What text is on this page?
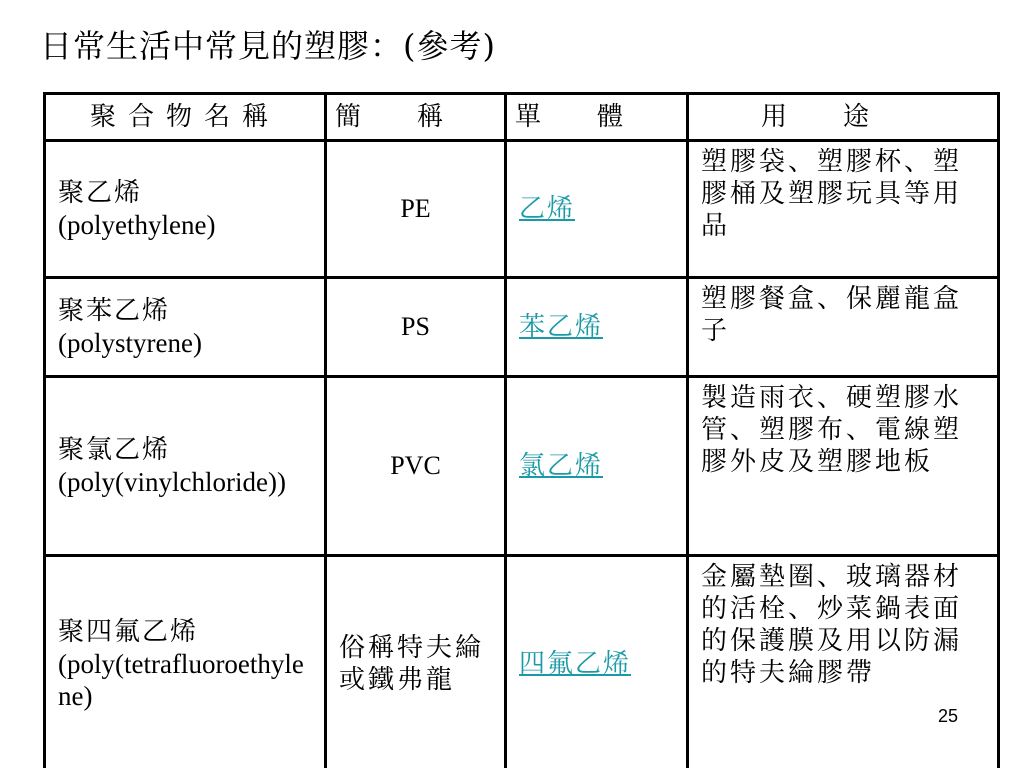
日常生活中常見的塑膠：(參考)
聚合物名稱	簡稱	單體	用途

聚乙烯
(polyethylene)	PE	乙烯	塑膠袋、塑膠杯、塑膠桶及塑膠玩具等用品

聚苯乙烯
(polystyrene)	PS	苯乙烯	塑膠餐盒、保麗龍盒子

聚氯乙烯
(poly(vinylchloride))	PVC	氯乙烯	製造雨衣、硬塑膠水管、塑膠布、電線塑膠外皮及塑膠地板

聚四氟乙烯
(poly(tetrafluoroethylene)	俗稱特夫綸或鐵弗龍	四氟乙烯	金屬墊圈、玻璃器材的活栓、炒菜鍋表面的保護膜及用以防漏的特夫綸膠帶
25
